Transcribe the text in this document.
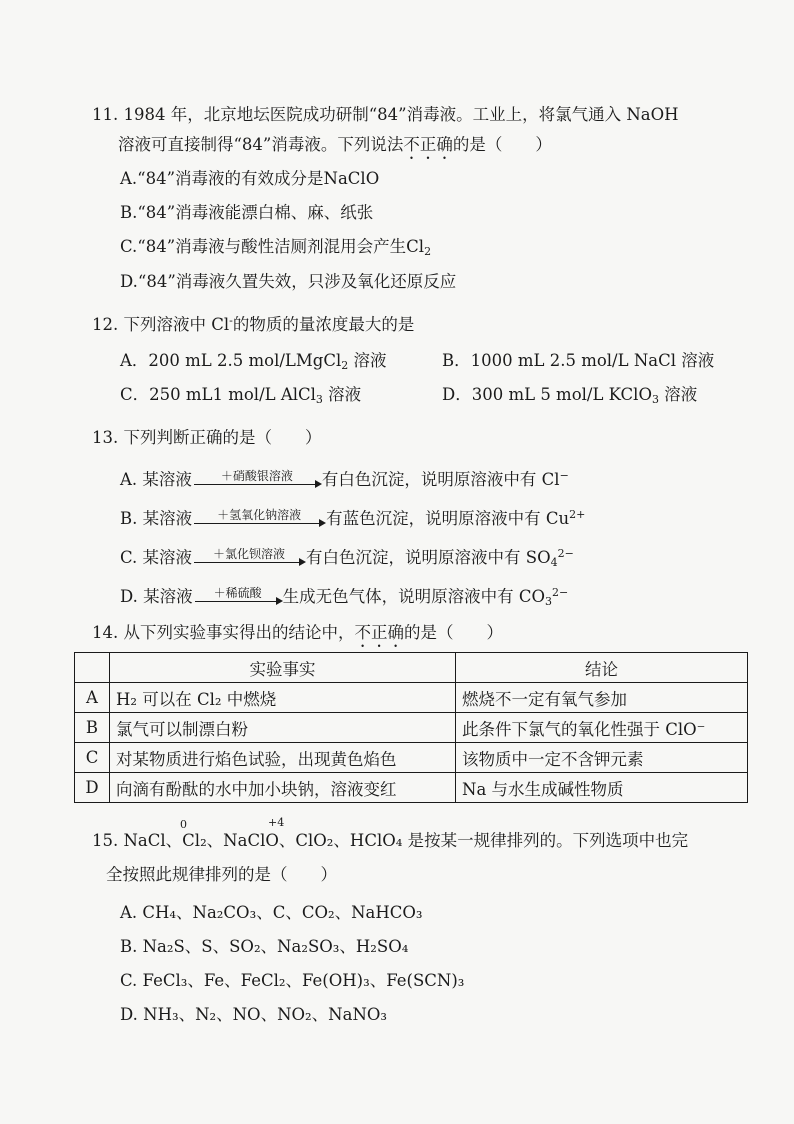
11. 1984 年，北京地坛医院成功研制“84”消毒液。工业上，将氯气通入 NaOH
溶液可直接制得“84”消毒液。下列说法不正确的是（　　）
A.“84”消毒液的有效成分是NaClO
B.“84”消毒液能漂白棉、麻、纸张
C.“84”消毒液与酸性洁厕剂混用会产生$Cl_2$
D.“84”消毒液久置失效，只涉及氧化还原反应
12. 下列溶液中 Cl-的物质的量浓度最大的是
A．200 mL 2.5 mol/LMgCl$_2$ 溶液	B．1000 mL 2.5 mol/L NaCl 溶液
C．250 mL1 mol/L AlCl$_3$ 溶液	D．300 mL 5 mol/L KClO$_3$ 溶液
13. 下列判断正确的是（　　）
A. 某溶液	＋硝酸银溶液	有白色沉淀，说明原溶液中有 Cl−
B. 某溶液	＋氢氧化钠溶液	有蓝色沉淀，说明原溶液中有 $Cu^{2+}$
C. 某溶液	＋氯化钡溶液	有白色沉淀，说明原溶液中有 $SO_4^{2-}$
D. 某溶液	＋稀硫酸	生成无色气体，说明原溶液中有 $CO_3^{2-}$
14. 从下列实验事实得出的结论中，不正确的是（　　）
	实验事实	结论
A	H₂ 可以在 Cl₂ 中燃烧	燃烧不一定有氧气参加
B	氯气可以制漂白粉	此条件下氯气的氧化性强于 ClO⁻
C	对某物质进行焰色试验，出现黄色焰色	该物质中一定不含钾元素
D	向滴有酚酞的水中加小块钠，溶液变红	Na 与水生成碱性物质
0	+4
15. NaCl、Cl₂、NaClO、ClO₂、HClO₄ 是按某一规律排列的。下列选项中也完
全按照此规律排列的是（　　）
A. CH₄、Na₂CO₃、C、CO₂、NaHCO₃
B. Na₂S、S、SO₂、Na₂SO₃、H₂SO₄
C. FeCl₃、Fe、FeCl₂、Fe(OH)₃、Fe(SCN)₃
D. NH₃、N₂、NO、NO₂、NaNO₃
